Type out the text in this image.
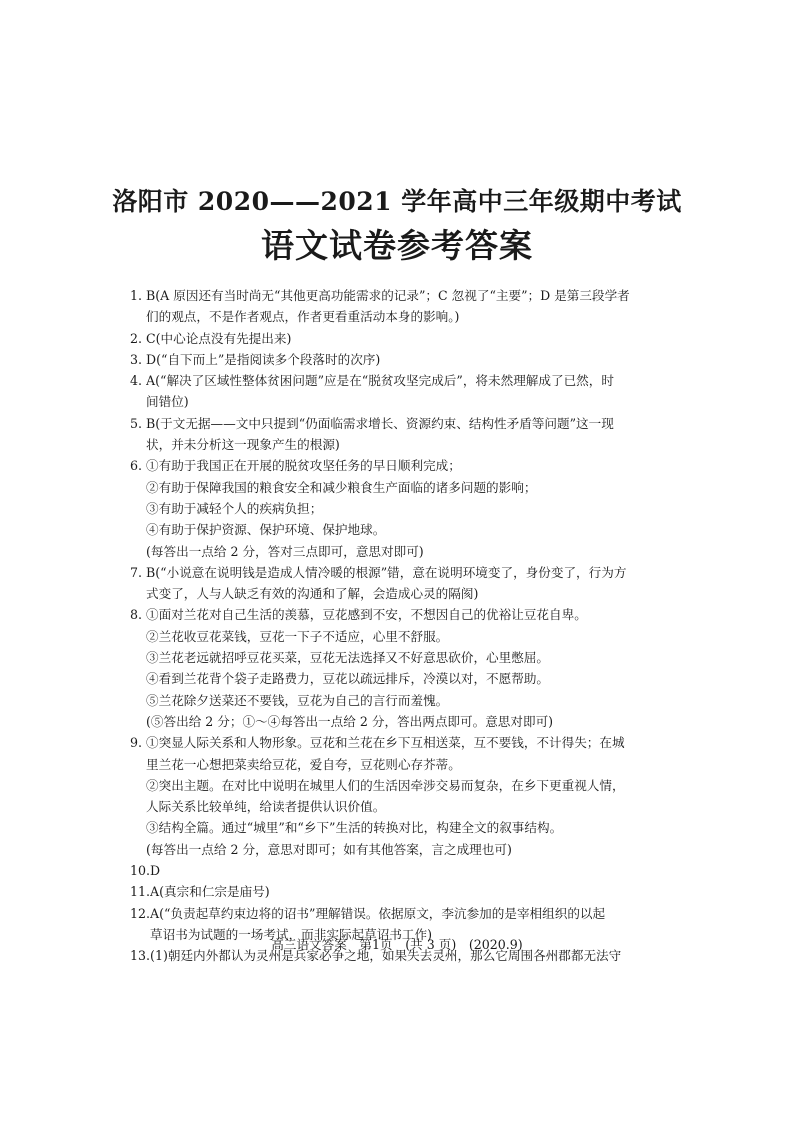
洛阳市 2020——2021 学年高中三年级期中考试
语文试卷参考答案
1. B(A 原因还有当时尚无“其他更高功能需求的记录”；C 忽视了“主要”；D 是第三段学者
们的观点，不是作者观点，作者更看重活动本身的影响。)
2. C(中心论点没有先提出来)
3. D(“自下而上”是指阅读多个段落时的次序)
4. A(“解决了区域性整体贫困问题”应是在“脱贫攻坚完成后”，将未然理解成了已然，时
间错位)
5. B(于文无据——文中只提到“仍面临需求增长、资源约束、结构性矛盾等问题”这一现
状，并未分析这一现象产生的根源)
6. ①有助于我国正在开展的脱贫攻坚任务的早日顺利完成；
②有助于保障我国的粮食安全和减少粮食生产面临的诸多问题的影响；
③有助于减轻个人的疾病负担；
④有助于保护资源、保护环境、保护地球。
(每答出一点给 2 分，答对三点即可，意思对即可)
7. B(“小说意在说明钱是造成人情冷暖的根源”错，意在说明环境变了，身份变了，行为方
式变了，人与人缺乏有效的沟通和了解，会造成心灵的隔阂)
8. ①面对兰花对自己生活的羡慕，豆花感到不安，不想因自己的优裕让豆花自卑。
②兰花收豆花菜钱，豆花一下子不适应，心里不舒服。
③兰花老远就招呼豆花买菜，豆花无法选择又不好意思砍价，心里憋屈。
④看到兰花背个袋子走路费力，豆花以疏远排斥，冷漠以对，不愿帮助。
⑤兰花除夕送菜还不要钱，豆花为自己的言行而羞愧。
(⑤答出给 2 分；①～④每答出一点给 2 分，答出两点即可。意思对即可)
9. ①突显人际关系和人物形象。豆花和兰花在乡下互相送菜，互不要钱，不计得失；在城
里兰花一心想把菜卖给豆花，爱自夸，豆花则心存芥蒂。
②突出主题。在对比中说明在城里人们的生活因牵涉交易而复杂，在乡下更重视人情，
人际关系比较单纯，给读者提供认识价值。
③结构全篇。通过“城里”和“乡下”生活的转换对比，构建全文的叙事结构。
(每答出一点给 2 分，意思对即可；如有其他答案，言之成理也可)
10. D
11. A(真宗和仁宗是庙号)
12. A(“负责起草约束边将的诏书”理解错误。依据原文，李沆参加的是宰相组织的以起
草诏书为试题的一场考试，而非实际起草诏书工作)
13. (1)朝廷内外都认为灵州是兵家必争之地，如果失去灵州，那么它周围各州郡都无法守
高三语文答案　第1页　(共 3 页)　(2020.9)
